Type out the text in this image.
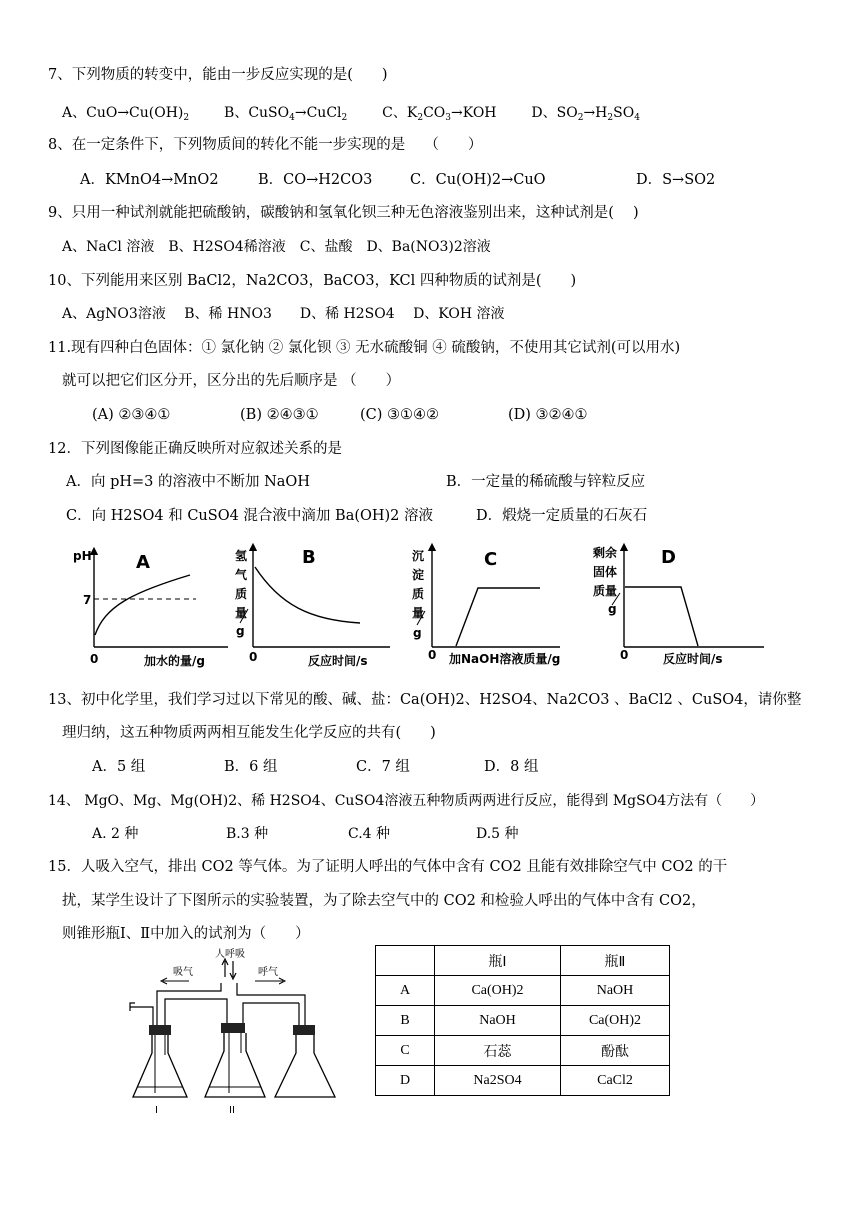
7、下列物质的转变中，能由一步反应实现的是(　　)
A、$CuO\to Cu(OH)_2$ B、CuSO$_4$→CuCl$_2$ C、$K_2CO_3\to KOH$ D、$SO_2\to H_2SO_4$
8、在一定条件下，下列物质间的转化不能一步实现的是　 （　　）
A．KMnO4→MnO2	B．CO→H2CO3	C．Cu(OH)2→CuO	D．S→SO2
9、只用一种试剂就能把硫酸钠，碳酸钠和氢氧化钡三种无色溶液鉴别出来，这种试剂是(　 )
A、NaCl 溶液　B、H2SO4稀溶液　C、盐酸　D、Ba(NO3)2溶液
10、下列能用来区别 BaCl2，Na2CO3，BaCO3，KCl 四种物质的试剂是(　　)
A、AgNO3溶液　 B、稀 HNO3　　D、稀 H2SO4　 D、KOH 溶液
11.现有四种白色固体：① 氯化钠 ② 氯化钡 ③ 无水硫酸铜 ④ 硫酸钠，不使用其它试剂(可以用水)
就可以把它们区分开，区分出的先后顺序是 （　　）
(A) ②③④①	(B) ②④③①	(C) ③①④②	(D) ③②④①
12．下列图像能正确反映所对应叙述关系的是
A．向 pH=3 的溶液中不断加 NaOH	B．一定量的稀硫酸与锌粒反应
C．向 H2SO4 和 CuSO4 混合液中滴加 Ba(OH)2 溶液	D．煅烧一定质量的石灰石
pH A
7
0	加水的量/g
氢
气
质
量
g
B
0	反应时间/s
沉
淀
质
量
g
C
0 加NaOH溶液质量/g
剩余
固体
质量
g
D
0	反应时间/s
13、初中化学里，我们学习过以下常见的酸、碱、盐：Ca(OH)2、H2SO4、Na2CO3 、BaCl2 、CuSO4，请你整
理归纳，这五种物质两两相互能发生化学反应的共有(　　)
A．5 组	B．6 组	C．7 组	D．8 组
14、 MgO、Mg、Mg(OH)2、稀 H2SO4、CuSO4溶液五种物质两两进行反应，能得到 MgSO4方法有（　　）
A. 2 种	B.3 种	C.4 种	D.5 种
15．人吸入空气，排出 CO2 等气体。为了证明人呼出的气体中含有 CO2 且能有效排除空气中 CO2 的干
扰，某学生设计了下图所示的实验装置，为了除去空气中的 CO2 和检验人呼出的气体中含有 CO2，
则锥形瓶Ⅰ、Ⅱ中加入的试剂为（　　）
人呼吸
吸气	呼气
I	II
	瓶Ⅰ	瓶Ⅱ
A	Ca(OH)2	NaOH
B	NaOH	Ca(OH)2
C	石蕊	酚酞
D	Na2SO4	CaCl2
